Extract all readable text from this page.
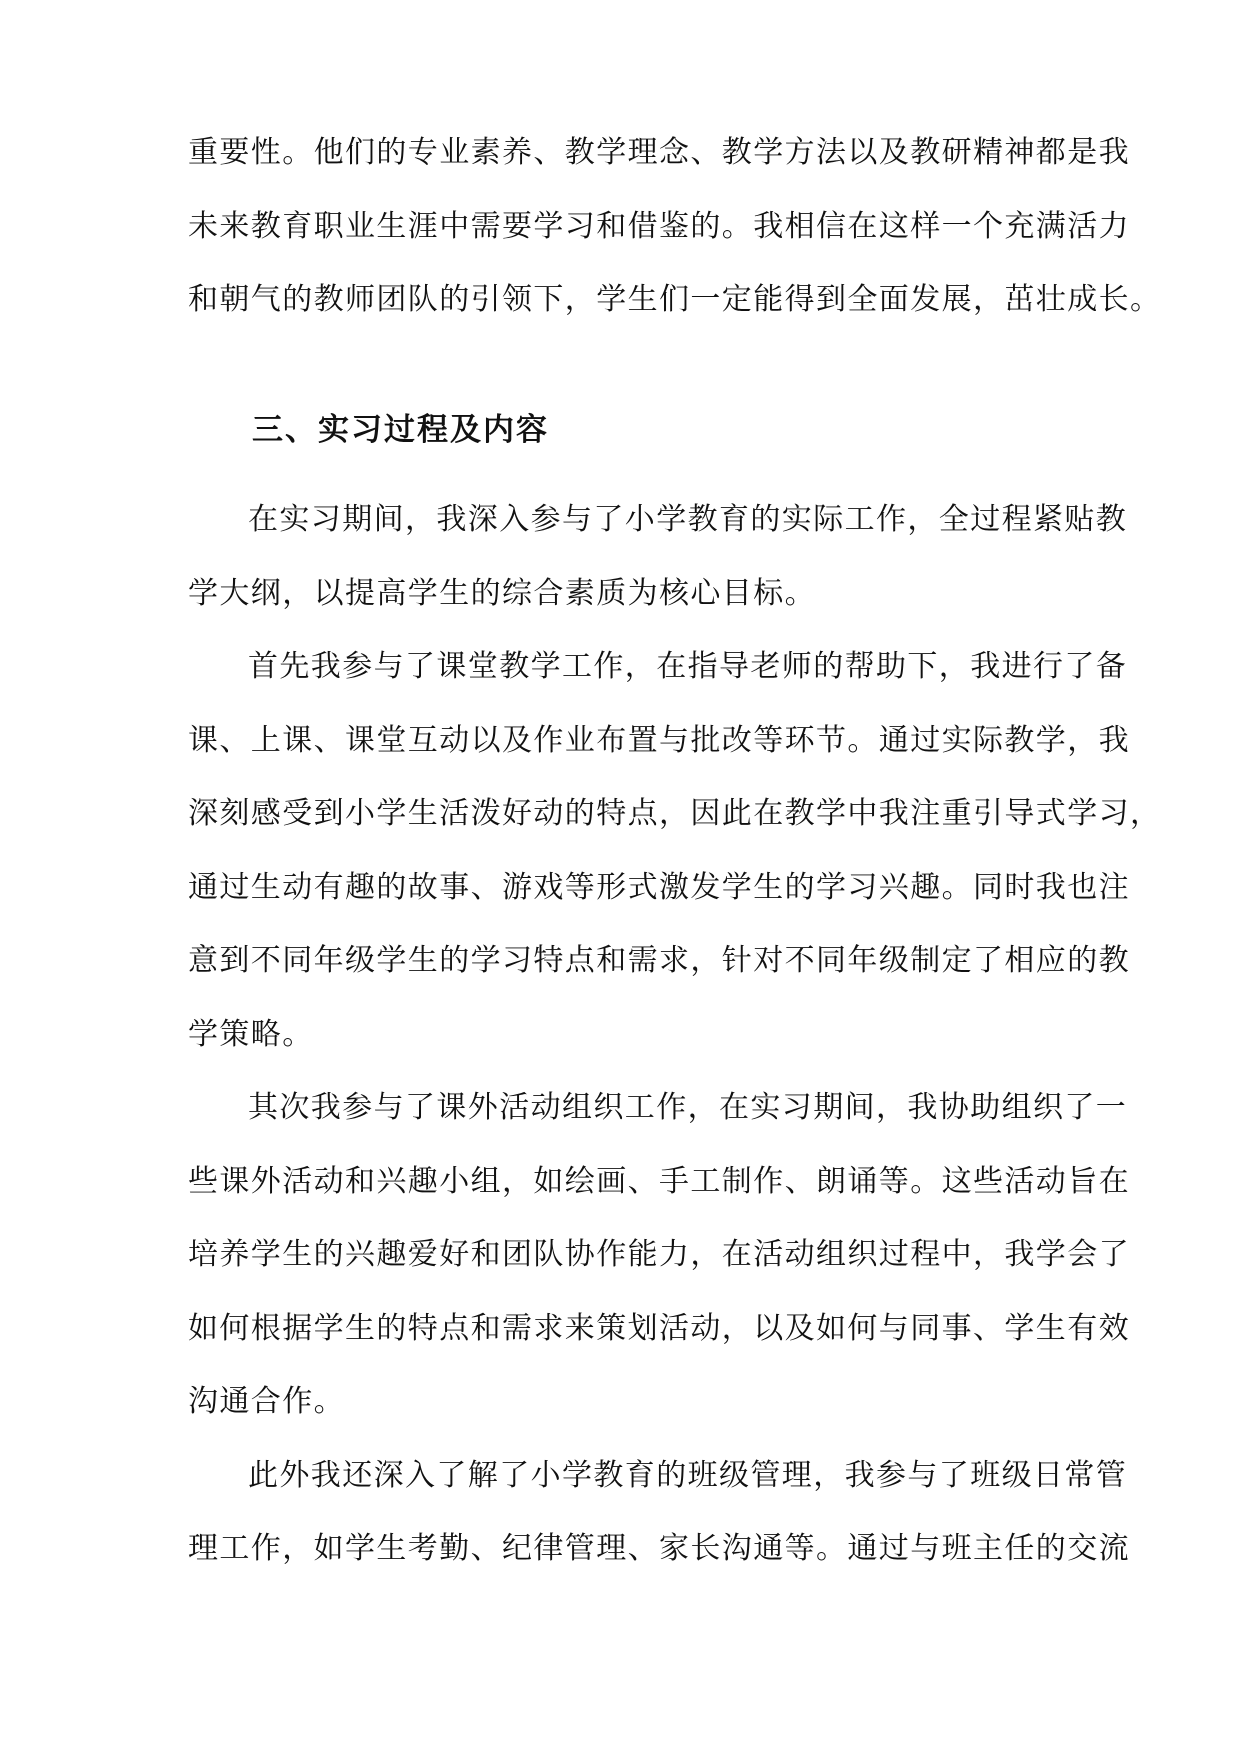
重要性。他们的专业素养、教学理念、教学方法以及教研精神都是我
未来教育职业生涯中需要学习和借鉴的。我相信在这样一个充满活力
和朝气的教师团队的引领下，学生们一定能得到全面发展，茁壮成长。
三、实习过程及内容
在实习期间，我深入参与了小学教育的实际工作，全过程紧贴教
学大纲，以提高学生的综合素质为核心目标。
首先我参与了课堂教学工作，在指导老师的帮助下，我进行了备
课、上课、课堂互动以及作业布置与批改等环节。通过实际教学，我
深刻感受到小学生活泼好动的特点，因此在教学中我注重引导式学习，
通过生动有趣的故事、游戏等形式激发学生的学习兴趣。同时我也注
意到不同年级学生的学习特点和需求，针对不同年级制定了相应的教
学策略。
其次我参与了课外活动组织工作，在实习期间，我协助组织了一
些课外活动和兴趣小组，如绘画、手工制作、朗诵等。这些活动旨在
培养学生的兴趣爱好和团队协作能力，在活动组织过程中，我学会了
如何根据学生的特点和需求来策划活动，以及如何与同事、学生有效
沟通合作。
此外我还深入了解了小学教育的班级管理，我参与了班级日常管
理工作，如学生考勤、纪律管理、家长沟通等。通过与班主任的交流
